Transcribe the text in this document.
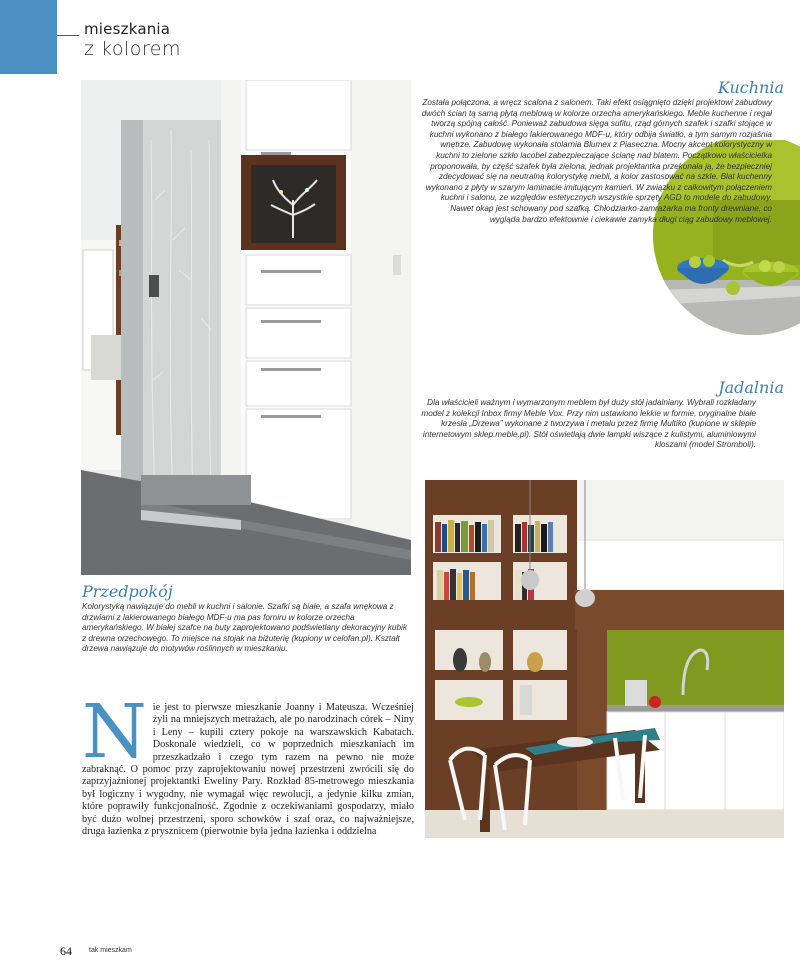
mieszkania
z kolorem
Kuchnia
Została połączona, a wręcz scalona z salonem. Taki efekt osiągnięto dzięki projektowi zabudowy dwóch ścian tą samą płytą meblową w kolorze orzecha amerykańskiego. Meble kuchenne i regał tworzą spójną całość. Ponieważ zabudowa sięga sufitu, rząd górnych szafek i szafki stojące w kuchni wykonano z białego lakierowanego MDF-u, który odbija światło, a tym samym rozjaśnia wnętrze. Zabudowę wykonała stolarnia Blumex z Piaseczna. Mocny akcent kolorystyczny w kuchni to zielone szkło lacobel zabezpieczające ścianę nad blatem. Początkowo właścicielka proponowała, by część szafek była zielona, jednak projektantka przekonała ją, że bezpieczniej zdecydować się na neutralną kolorystykę mebli, a kolor zastosować na szkle. Blat kuchenny wykonano z płyty w szarym laminacie imitującym kamień. W związku z całkowitym połączeniem kuchni i salonu, ze względów estetycznych wszystkie sprzęty AGD to modele do zabudowy. Nawet okap jest schowany pod szafką. Chłodziarko-zamrażarka ma fronty drewniane, co wygląda bardzo efektownie i ciekawie zamyka długi ciąg zabudowy meblowej.
Jadalnia
Dla właścicieli ważnym i wymarzonym meblem był duży stół jadalniany. Wybrali rozkładany model z kolekcji Inbox firmy Meble Vox. Przy nim ustawiono lekkie w formie, oryginalne białe krzesła „Drzewa” wykonane z tworzywa i metalu przez firmę Multiko (kupione w sklepie internetowym sklep.meble.pl). Stół oświetlają dwie lampki wiszące z kulistymi, aluminiowymi kloszami (model Stromboli).
Przedpokój
Kolorystyką nawiązuje do mebli w kuchni i salonie. Szafki są białe, a szafa wnękowa z drzwiami z lakierowanego białego MDF-u ma pas forniru w kolorze orzecha amerykańskiego. W białej szafce na buty zaprojektowano podświetlany dekoracyjny kubik z drewna orzechowego. To miejsce na stojak na biżuterię (kupiony w celofan.pl). Kształt drzewa nawiązuje do motywów roślinnych w mieszkaniu.
N ie jest to pierwsze mieszkanie Joanny i Mateusza. Wcześniej żyli na mniejszych metrażach, ale po narodzinach córek – Niny i Leny – kupili cztery pokoje na warszawskich Kabatach. Doskonale wiedzieli, co w poprzednich mieszkaniach im przeszkadzało i czego tym razem na pewno nie może zabraknąć. O pomoc przy zaprojektowaniu nowej przestrzeni zwrócili się do zaprzyjaźnionej projektantki Eweliny Pary. Rozkład 85-metrowego mieszkania był logiczny i wygodny, nie wymagał więc rewolucji, a jedynie kilku zmian, które poprawiły funkcjonalność. Zgodnie z oczekiwaniami gospodarzy, miało być dużo wolnej przestrzeni, sporo schowków i szaf oraz, co najważniejsze, druga łazienka z prysznicem (pierwotnie była jedna łazienka i oddzielna
64 tak mieszkam
